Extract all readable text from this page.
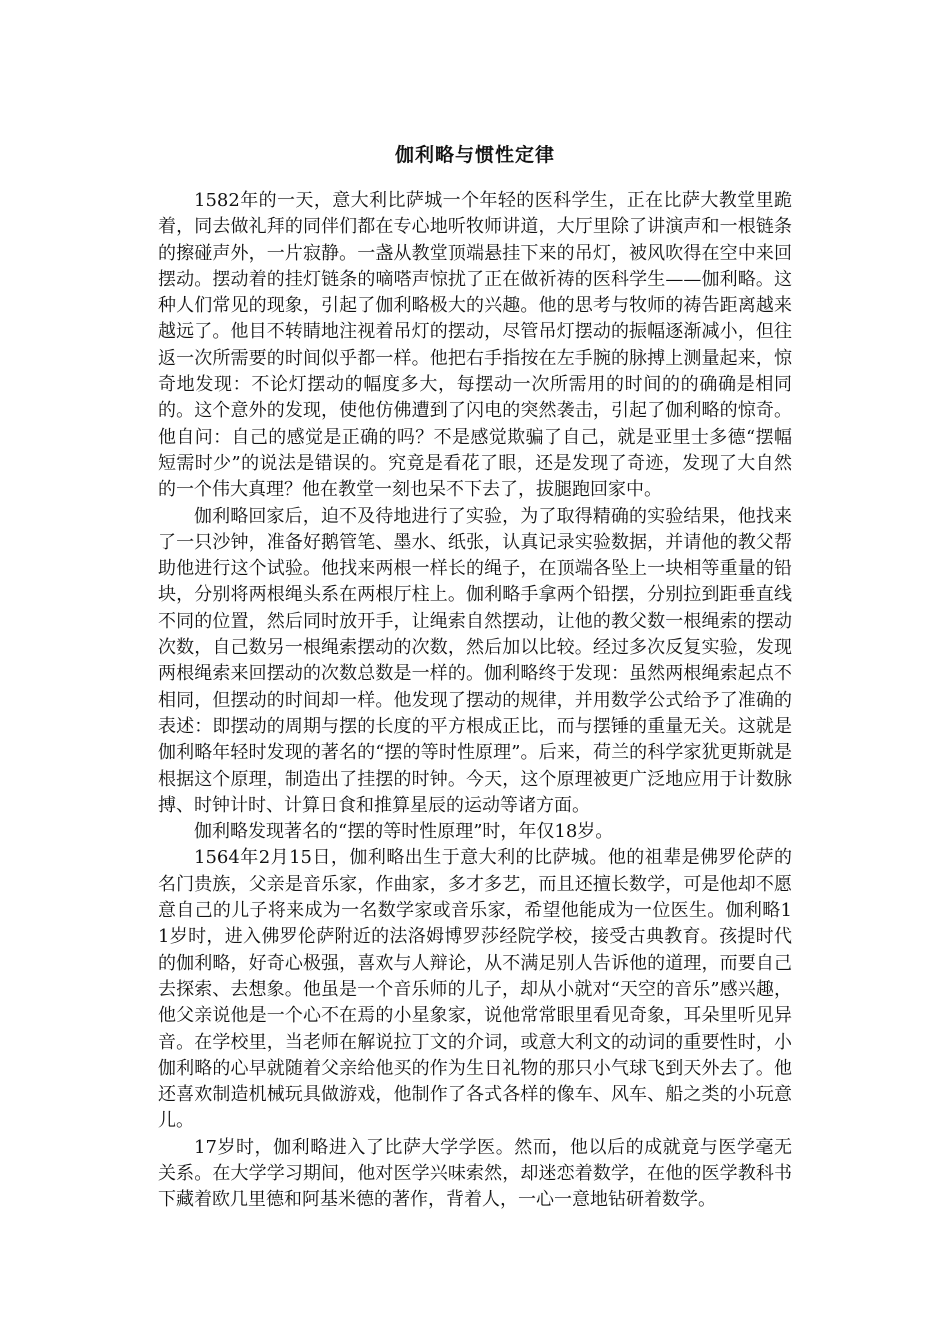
伽利略与惯性定律

1582年的一天，意大利比萨城一个年轻的医科学生，正在比萨大教堂里跪着，同去做礼拜的同伴们都在专心地听牧师讲道，大厅里除了讲演声和一根链条的擦碰声外，一片寂静。一盏从教堂顶端悬挂下来的吊灯，被风吹得在空中来回摆动。摆动着的挂灯链条的嘀嗒声惊扰了正在做祈祷的医科学生——伽利略。这种人们常见的现象，引起了伽利略极大的兴趣。他的思考与牧师的祷告距离越来越远了。他目不转睛地注视着吊灯的摆动，尽管吊灯摆动的振幅逐渐减小，但往返一次所需要的时间似乎都一样。他把右手指按在左手腕的脉搏上测量起来，惊奇地发现：不论灯摆动的幅度多大，每摆动一次所需用的时间的的确确是相同的。这个意外的发现，使他仿佛遭到了闪电的突然袭击，引起了伽利略的惊奇。他自问：自己的感觉是正确的吗？不是感觉欺骗了自己，就是亚里士多德“摆幅短需时少”的说法是错误的。究竟是看花了眼，还是发现了奇迹，发现了大自然的一个伟大真理？他在教堂一刻也呆不下去了，拔腿跑回家中。

伽利略回家后，迫不及待地进行了实验，为了取得精确的实验结果，他找来了一只沙钟，准备好鹅管笔、墨水、纸张，认真记录实验数据，并请他的教父帮助他进行这个试验。他找来两根一样长的绳子，在顶端各坠上一块相等重量的铅块，分别将两根绳头系在两根厅柱上。伽利略手拿两个铅摆，分别拉到距垂直线不同的位置，然后同时放开手，让绳索自然摆动，让他的教父数一根绳索的摆动次数，自己数另一根绳索摆动的次数，然后加以比较。经过多次反复实验，发现两根绳索来回摆动的次数总数是一样的。伽利略终于发现：虽然两根绳索起点不相同，但摆动的时间却一样。他发现了摆动的规律，并用数学公式给予了准确的表述：即摆动的周期与摆的长度的平方根成正比，而与摆锤的重量无关。这就是伽利略年轻时发现的著名的“摆的等时性原理”。后来，荷兰的科学家犹更斯就是根据这个原理，制造出了挂摆的时钟。今天，这个原理被更广泛地应用于计数脉搏、时钟计时、计算日食和推算星辰的运动等诸方面。

伽利略发现著名的“摆的等时性原理”时，年仅18岁。

1564年2月15日，伽利略出生于意大利的比萨城。他的祖辈是佛罗伦萨的名门贵族，父亲是音乐家，作曲家，多才多艺，而且还擅长数学，可是他却不愿意自己的儿子将来成为一名数学家或音乐家，希望他能成为一位医生。伽利略11岁时，进入佛罗伦萨附近的法洛姆博罗莎经院学校，接受古典教育。孩提时代的伽利略，好奇心极强，喜欢与人辩论，从不满足别人告诉他的道理，而要自己去探索、去想象。他虽是一个音乐师的儿子，却从小就对“天空的音乐”感兴趣，他父亲说他是一个心不在焉的小星象家，说他常常眼里看见奇象，耳朵里听见异音。在学校里，当老师在解说拉丁文的介词，或意大利文的动词的重要性时，小伽利略的心早就随着父亲给他买的作为生日礼物的那只小气球飞到天外去了。他还喜欢制造机械玩具做游戏，他制作了各式各样的像车、风车、船之类的小玩意儿。

17岁时，伽利略进入了比萨大学学医。然而，他以后的成就竟与医学毫无关系。在大学学习期间，他对医学兴味索然，却迷恋着数学，在他的医学教科书下藏着欧几里德和阿基米德的著作，背着人，一心一意地钻研着数学。
